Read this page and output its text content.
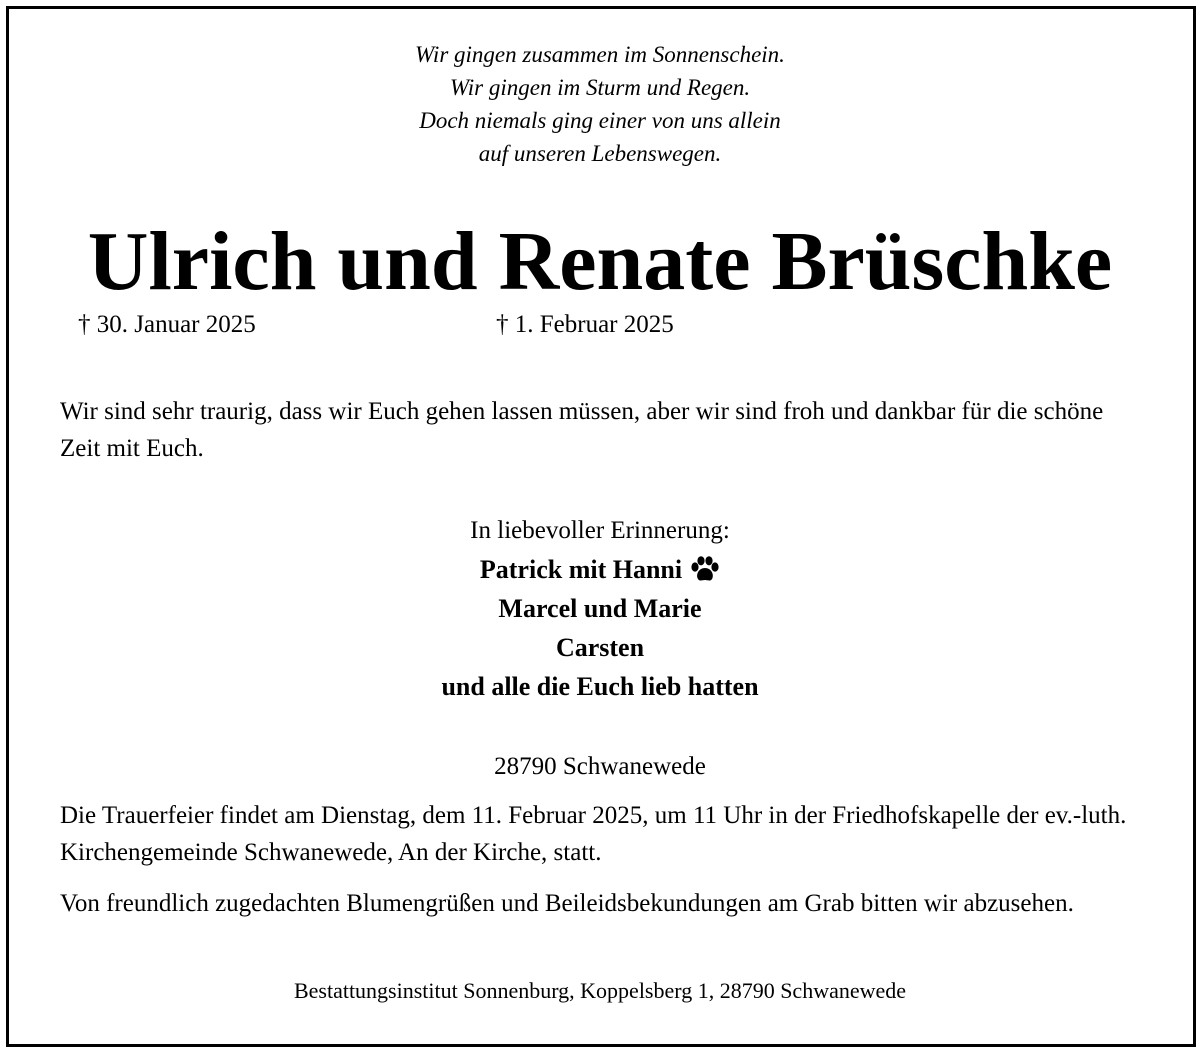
Wir gingen zusammen im Sonnenschein.
Wir gingen im Sturm und Regen.
Doch niemals ging einer von uns allein
auf unseren Lebenswegen.
Ulrich und Renate Brüschke
† 30. Januar 2025	† 1. Februar 2025
Wir sind sehr traurig, dass wir Euch gehen lassen müssen, aber wir sind froh und dankbar für die schöne Zeit mit Euch.
In liebevoller Erinnerung:
Patrick mit Hanni
Marcel und Marie
Carsten
und alle die Euch lieb hatten
28790 Schwanewede
Die Trauerfeier findet am Dienstag, dem 11. Februar 2025, um 11 Uhr in der Friedhofskapelle der ev.-luth. Kirchengemeinde Schwanewede, An der Kirche, statt.
Von freundlich zugedachten Blumengrüßen und Beileidsbekundungen am Grab bitten wir abzusehen.
Bestattungsinstitut Sonnenburg, Koppelsberg 1, 28790 Schwanewede
